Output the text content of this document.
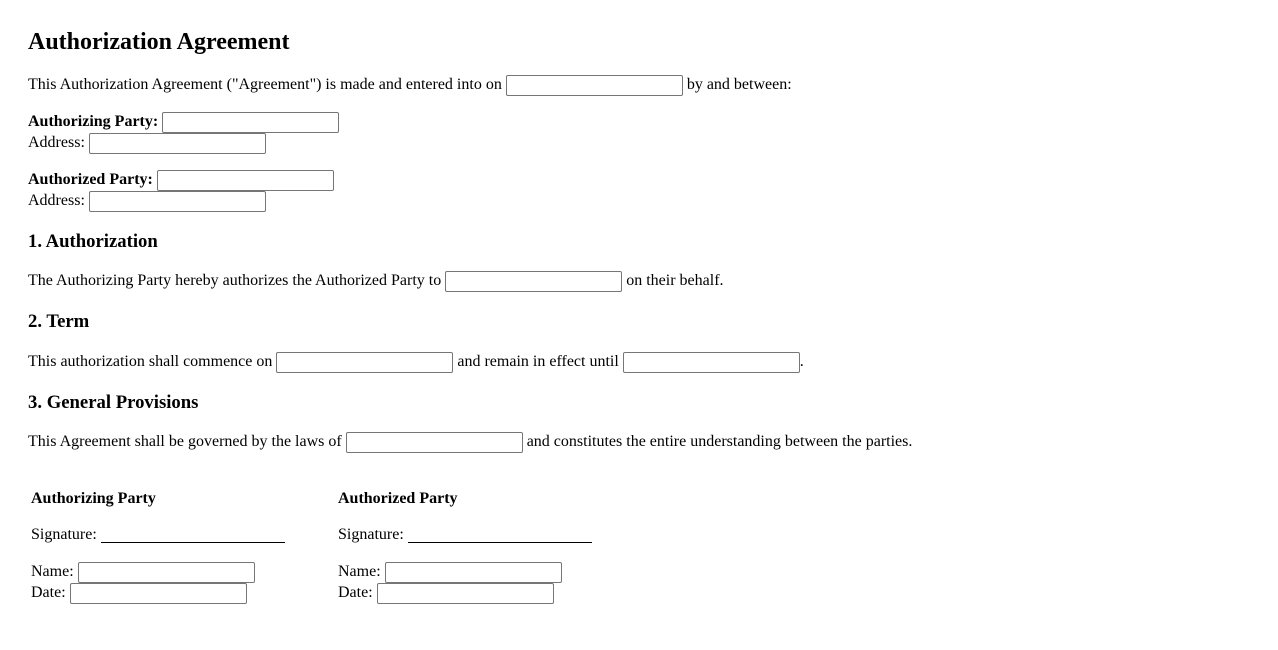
Authorization Agreement
This Authorization Agreement ("Agreement") is made and entered into on	by and between:
Authorizing Party:
Address:
Authorized Party:
Address:
1. Authorization
The Authorizing Party hereby authorizes the Authorized Party to	on their behalf.
2. Term
This authorization shall commence on	and remain in effect until	.
3. General Provisions
This Agreement shall be governed by the laws of	and constitutes the entire understanding between the parties.
Authorizing Party
Signature:
Name:
Date:
Authorized Party
Signature:
Name:
Date:
